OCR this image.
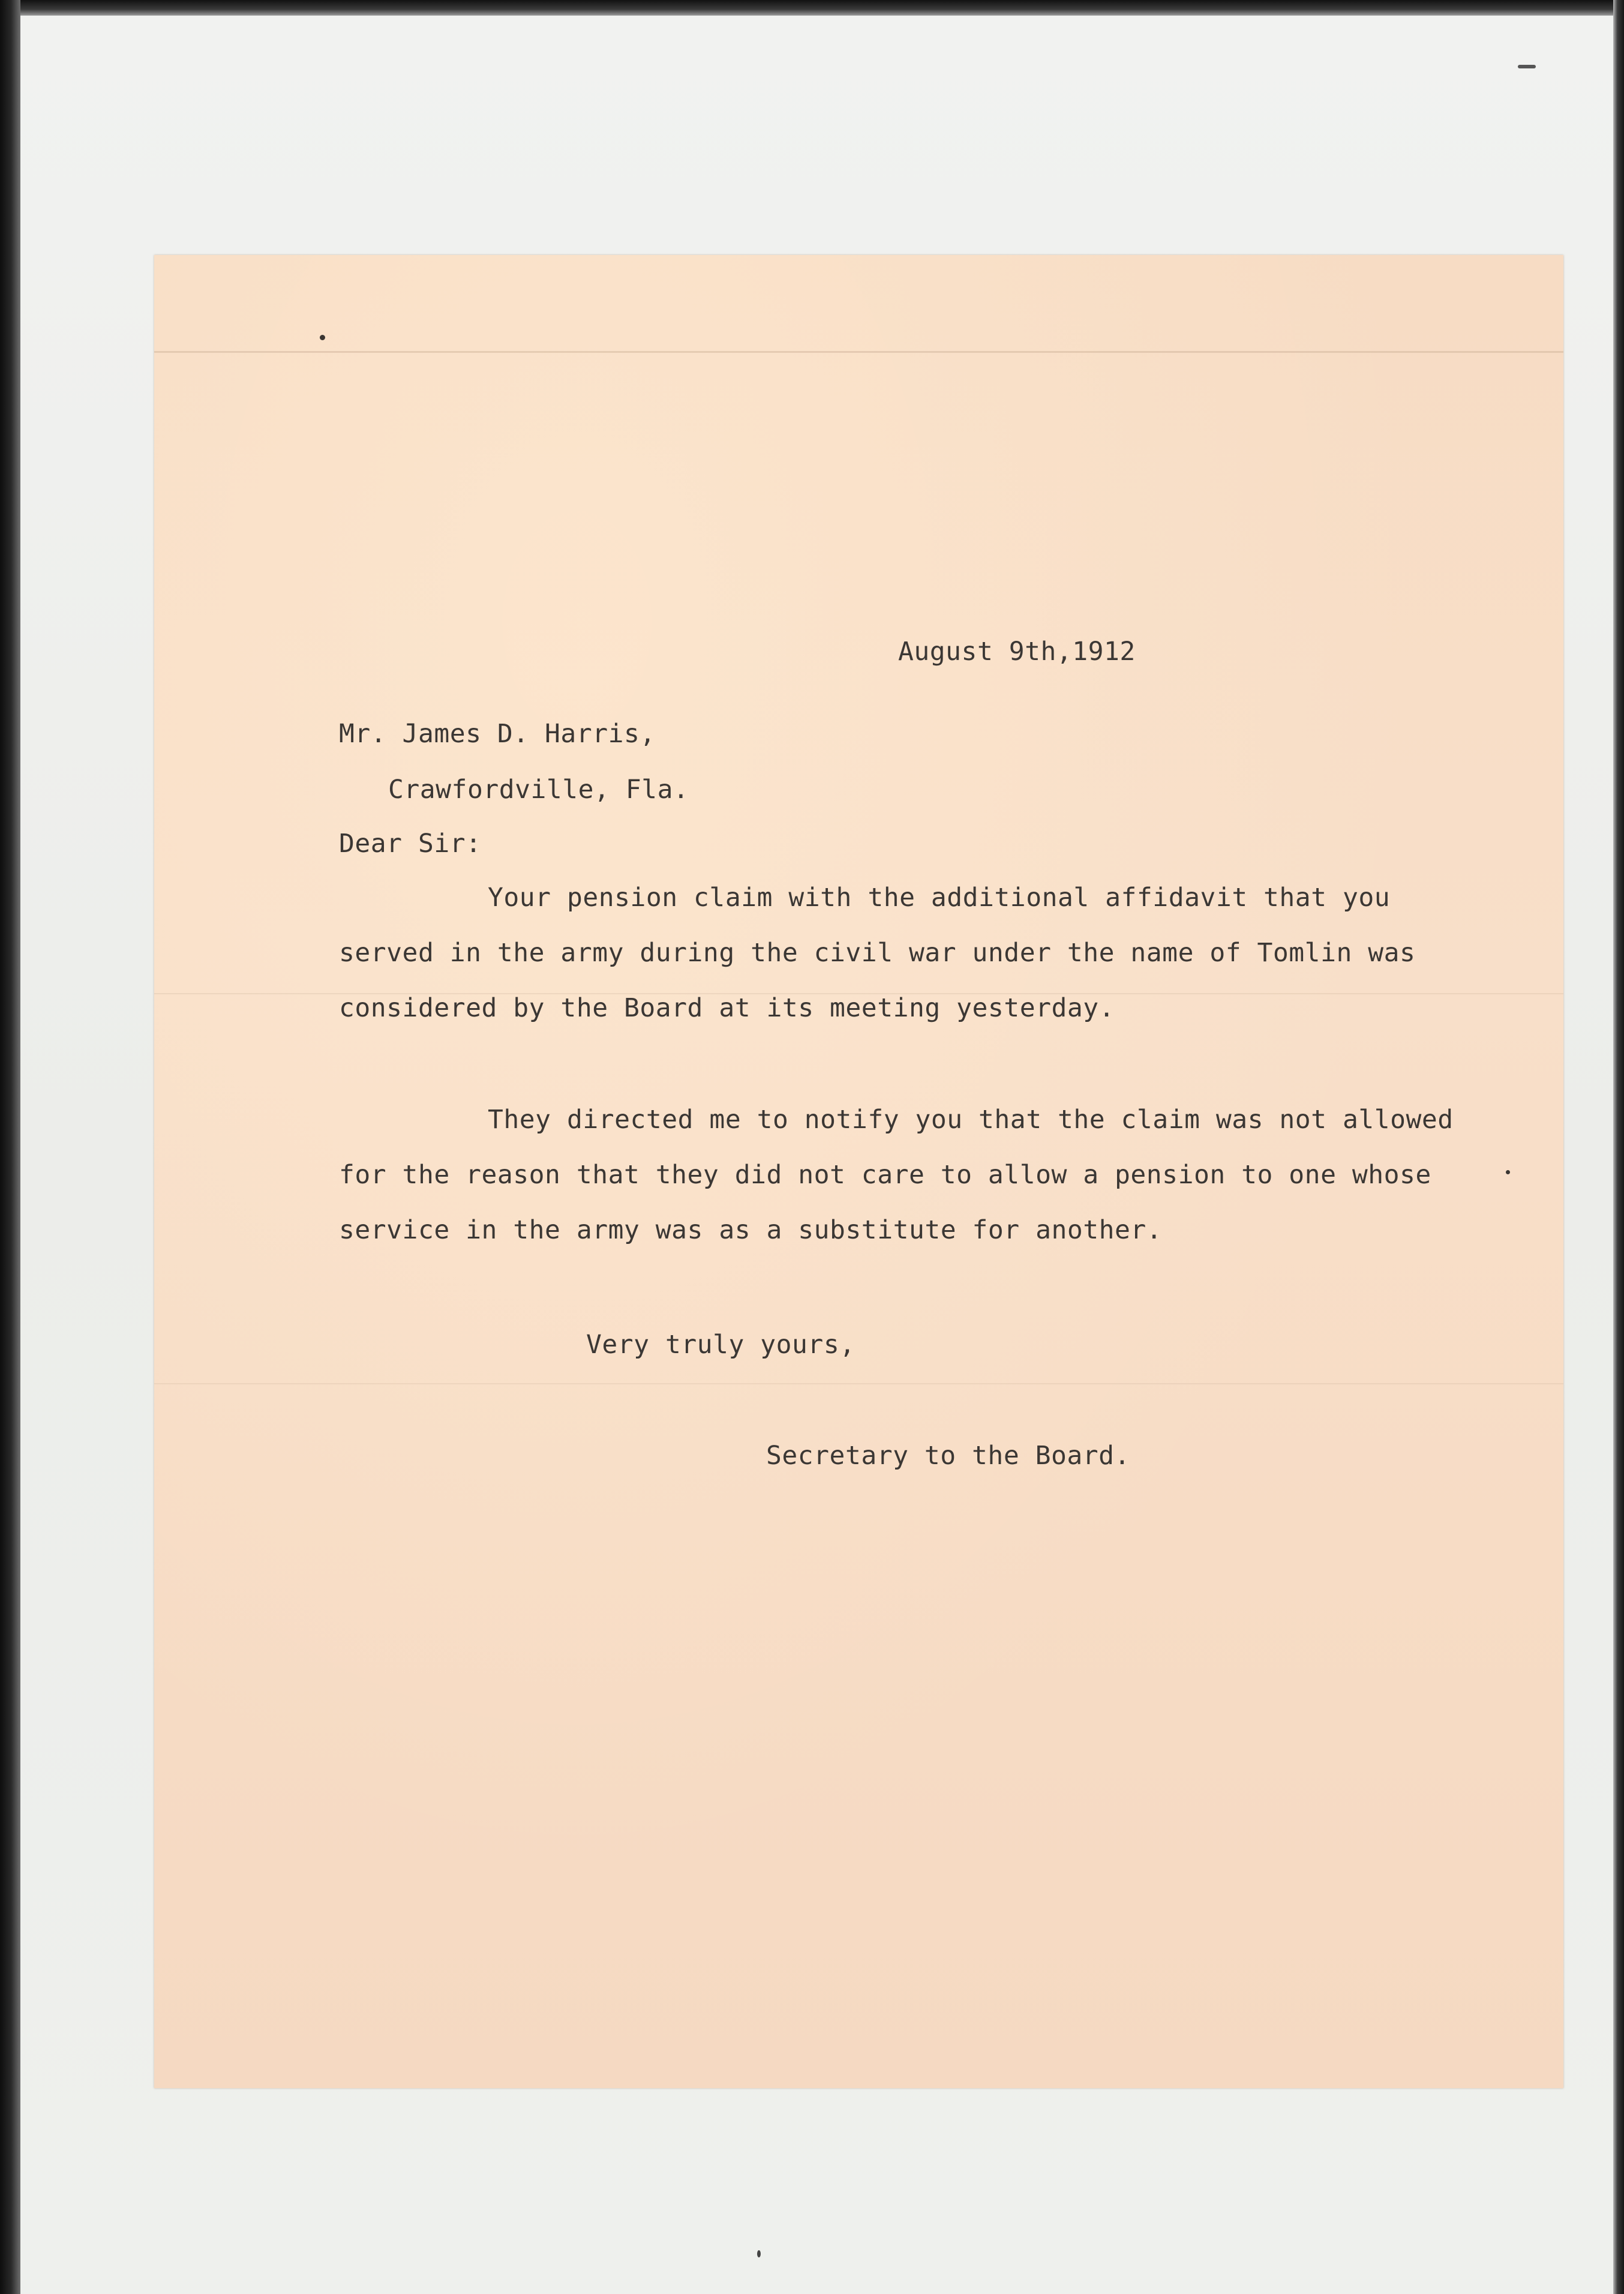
August 9th,1912

Mr. James D. Harris,

Crawfordville, Fla.

Dear Sir:

Your pension claim with the additional affidavit that you served in the army during the civil war under the name of Tomlin was considered by the Board at its meeting yesterday.

They directed me to notify you that the claim was not allowed for the reason that they did not care to allow a pension to one whose service in the army was as a substitute for another.

Very truly yours,

Secretary to the Board.
